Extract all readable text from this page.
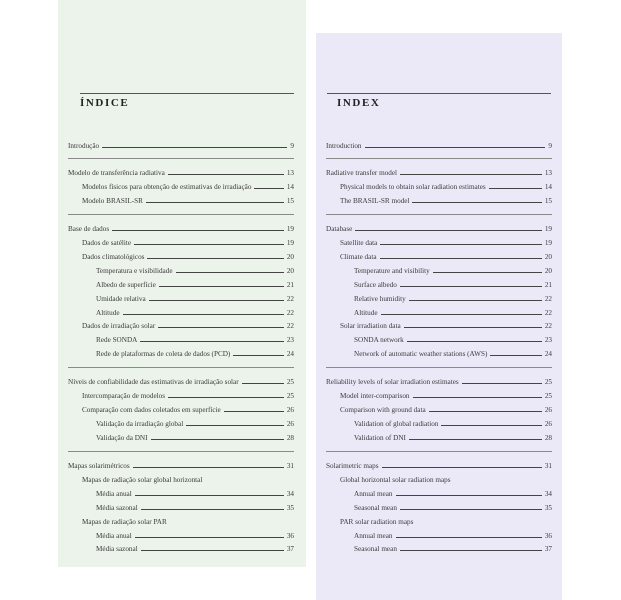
ÍNDICE
Introdução	9
Modelo de transferência radiativa	13
Modelos físicos para obtenção de estimativas de irradiação	14
Modelo BRASIL-SR	15
Base de dados	19
Dados de satélite	19
Dados climatológicos	20
Temperatura e visibilidade	20
Albedo de superfície	21
Umidade relativa	22
Altitude	22
Dados de irradiação solar	22
Rede SONDA	23
Rede de plataformas de coleta de dados (PCD)	24
Níveis de confiabilidade das estimativas de irradiação solar	25
Intercomparação de modelos	25
Comparação com dados coletados em superfície	26
Validação da irradiação global	26
Validação da DNI	28
Mapas solarimétricos	31
Mapas de radiação solar global horizontal
Média anual	34
Média sazonal	35
Mapas de radiação solar PAR
Média anual	36
Média sazonal	37
INDEX
Introduction	9
Radiative transfer model	13
Physical models to obtain solar radiation estimates	14
The BRASIL-SR model	15
Database	19
Satellite data	19
Climate data	20
Temperature and visibility	20
Surface albedo	21
Relative humidity	22
Altitude	22
Solar irradiation data	22
SONDA network	23
Network of automatic weather stations (AWS)	24
Reliability levels of solar irradiation estimates	25
Model inter-comparison	25
Comparison with ground data	26
Validation of global radiation	26
Validation of DNI	28
Solarimetric maps	31
Global horizontal solar radiation maps
Annual mean	34
Seasonal mean	35
PAR solar radiation maps
Annual mean	36
Seasonal mean	37
